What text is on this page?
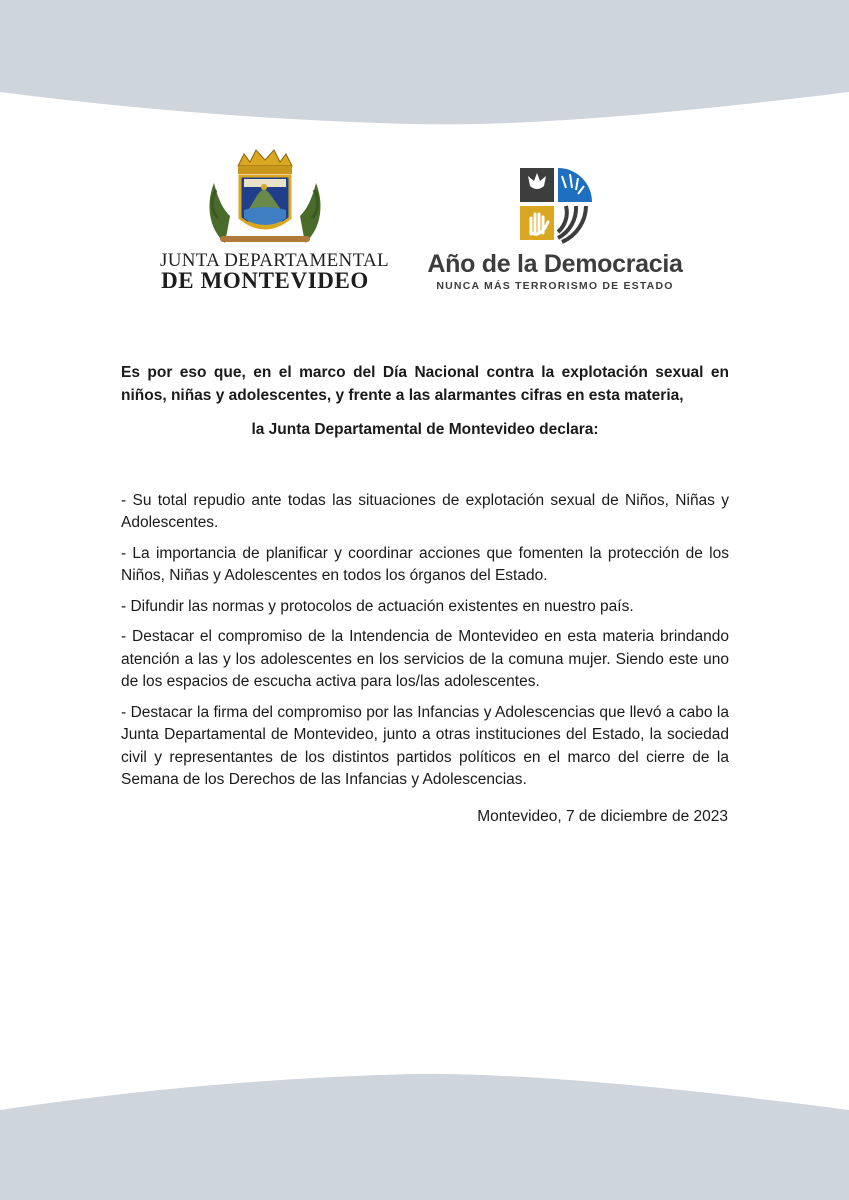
JUNTA DEPARTAMENTAL
DE MONTEVIDEO
Año de la Democracia
NUNCA MÁS TERRORISMO DE ESTADO

Es por eso que, en el marco del Día Nacional contra la explotación sexual en niños, niñas y adolescentes, y frente a las alarmantes cifras en esta materia,

la Junta Departamental de Montevideo declara:

- Su total repudio ante todas las situaciones de explotación sexual de Niños, Niñas y Adolescentes.
- La importancia de planificar y coordinar acciones que fomenten la protección de los Niños, Niñas y Adolescentes en todos los órganos del Estado.
- Difundir las normas y protocolos de actuación existentes en nuestro país.
- Destacar el compromiso de la Intendencia de Montevideo en esta materia brindando atención a las y los adolescentes en los servicios de la comuna mujer. Siendo este uno de los espacios de escucha activa para los/las adolescentes.
- Destacar la firma del compromiso por las Infancias y Adolescencias que llevó a cabo la Junta Departamental de Montevideo, junto a otras instituciones del Estado, la sociedad civil y representantes de los distintos partidos políticos en el marco del cierre de la Semana de los Derechos de las Infancias y Adolescencias.
Montevideo, 7 de diciembre de 2023
